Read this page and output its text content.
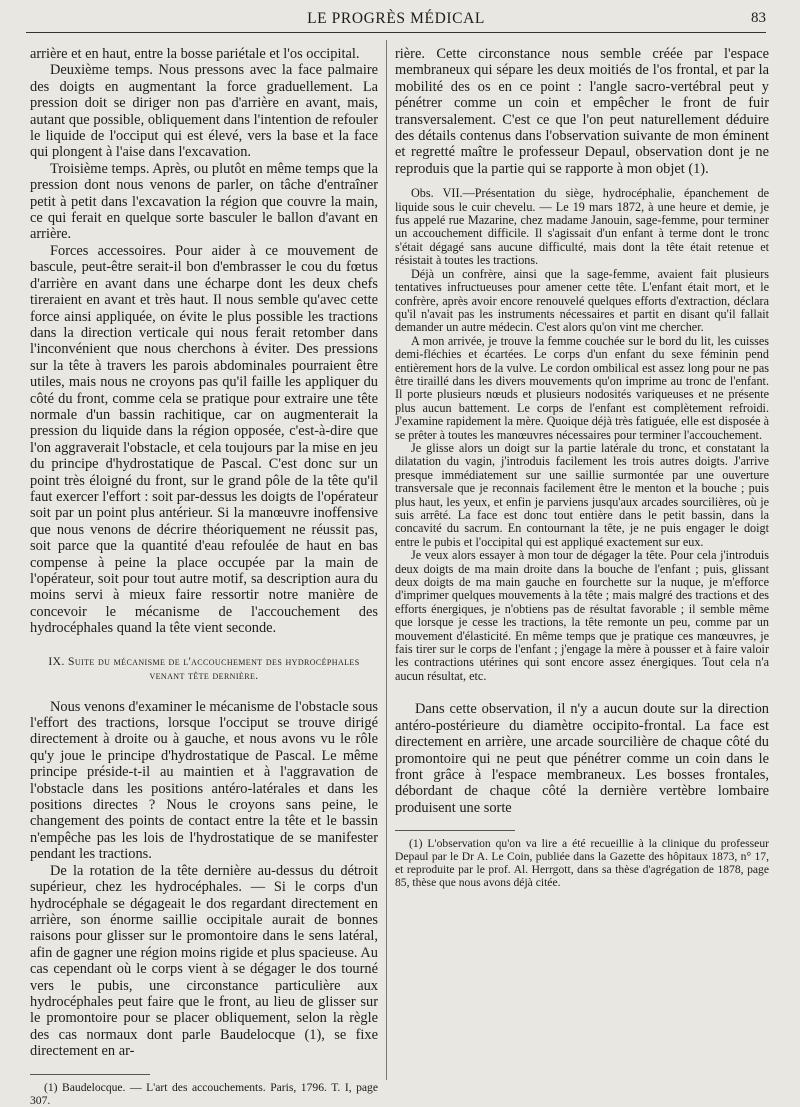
LE PROGRÈS MÉDICAL	83

arrière et en haut, entre la bosse pariétale et l'os occipital.

Deuxième temps. Nous pressons avec la face palmaire des doigts en augmentant la force graduellement. La pression doit se diriger non pas d'arrière en avant, mais, autant que possible, obliquement dans l'intention de refouler le liquide de l'occiput qui est élevé, vers la base et la face qui plongent à l'aise dans l'excavation.

Troisième temps. Après, ou plutôt en même temps que la pression dont nous venons de parler, on tâche d'entraîner petit à petit dans l'excavation la région que couvre la main, ce qui ferait en quelque sorte basculer le ballon d'avant en arrière.

Forces accessoires. Pour aider à ce mouvement de bascule, peut-être serait-il bon d'embrasser le cou du fœtus d'arrière en avant dans une écharpe dont les deux chefs tireraient en avant et très haut. Il nous semble qu'avec cette force ainsi appliquée, on évite le plus possible les tractions dans la direction verticale qui nous ferait retomber dans l'inconvénient que nous cherchons à éviter. Des pressions sur la tête à travers les parois abdominales pourraient être utiles, mais nous ne croyons pas qu'il faille les appliquer du côté du front, comme cela se pratique pour extraire une tête normale d'un bassin rachitique, car on augmenterait la pression du liquide dans la région opposée, c'est-à-dire que l'on aggraverait l'obstacle, et cela toujours par la mise en jeu du principe d'hydrostatique de Pascal. C'est donc sur un point très éloigné du front, sur le grand pôle de la tête qu'il faut exercer l'effort : soit par-dessus les doigts de l'opérateur soit par un point plus antérieur. Si la manœuvre inoffensive que nous venons de décrire théoriquement ne réussit pas, soit parce que la quantité d'eau refoulée de haut en bas compense à peine la place occupée par la main de l'opérateur, soit pour tout autre motif, sa description aura du moins servi à mieux faire ressortir notre manière de concevoir le mécanisme de l'accouchement des hydrocéphales quand la tête vient seconde.

IX. Suite du mécanisme de l'accouchement des hydrocéphales venant tête dernière.

Nous venons d'examiner le mécanisme de l'obstacle sous l'effort des tractions, lorsque l'occiput se trouve dirigé directement à droite ou à gauche, et nous avons vu le rôle qu'y joue le principe d'hydrostatique de Pascal. Le même principe préside-t-il au maintien et à l'aggravation de l'obstacle dans les positions antéro-latérales et dans les positions directes ? Nous le croyons sans peine, le changement des points de contact entre la tête et le bassin n'empêche pas les lois de l'hydrostatique de se manifester pendant les tractions.

De la rotation de la tête dernière au-dessus du détroit supérieur, chez les hydrocéphales. — Si le corps d'un hydrocéphale se dégageait le dos regardant directement en arrière, son énorme saillie occipitale aurait de bonnes raisons pour glisser sur le promontoire dans le sens latéral, afin de gagner une région moins rigide et plus spacieuse. Au cas cependant où le corps vient à se dégager le dos tourné vers le pubis, une circonstance particulière aux hydrocéphales peut faire que le front, au lieu de glisser sur le promontoire pour se placer obliquement, selon la règle des cas normaux dont parle Baudelocque (1), se fixe directement en ar-

(1) Baudelocque. — L'art des accouchements. Paris, 1796. T. I, page 307.

rière. Cette circonstance nous semble créée par l'espace membraneux qui sépare les deux moitiés de l'os frontal, et par la mobilité des os en ce point : l'angle sacro-vertébral peut y pénétrer comme un coin et empêcher le front de fuir transversalement. C'est ce que l'on peut naturellement déduire des détails contenus dans l'observation suivante de mon éminent et regretté maître le professeur Depaul, observation dont je ne reproduis que la partie qui se rapporte à mon objet (1).

Obs. VII.—Présentation du siège, hydrocéphalie, épanchement de liquide sous le cuir chevelu. — Le 19 mars 1872, à une heure et demie, je fus appelé rue Mazarine, chez madame Janouin, sage-femme, pour terminer un accouchement difficile. Il s'agissait d'un enfant à terme dont le tronc s'était dégagé sans aucune difficulté, mais dont la tête était retenue et résistait à toutes les tractions.

Déjà un confrère, ainsi que la sage-femme, avaient fait plusieurs tentatives infructueuses pour amener cette tête. L'enfant était mort, et le confrère, après avoir encore renouvelé quelques efforts d'extraction, déclara qu'il n'avait pas les instruments nécessaires et partit en disant qu'il fallait demander un autre médecin. C'est alors qu'on vint me chercher.

A mon arrivée, je trouve la femme couchée sur le bord du lit, les cuisses demi-fléchies et écartées. Le corps d'un enfant du sexe féminin pend entièrement hors de la vulve. Le cordon ombilical est assez long pour ne pas être tiraillé dans les divers mouvements qu'on imprime au tronc de l'enfant. Il porte plusieurs nœuds et plusieurs nodosités variqueuses et ne présente plus aucun battement. Le corps de l'enfant est complètement refroidi. J'examine rapidement la mère. Quoique déjà très fatiguée, elle est disposée à se prêter à toutes les manœuvres nécessaires pour terminer l'accouchement.

Je glisse alors un doigt sur la partie latérale du tronc, et constatant la dilatation du vagin, j'introduis facilement les trois autres doigts. J'arrive presque immédiatement sur une saillie surmontée par une ouverture transversale que je reconnais facilement être le menton et la bouche ; puis plus haut, les yeux, et enfin je parviens jusqu'aux arcades sourcilières, où je suis arrêté. La face est donc tout entière dans le petit bassin, dans la concavité du sacrum. En contournant la tête, je ne puis engager le doigt entre le pubis et l'occipital qui est appliqué exactement sur eux.

Je veux alors essayer à mon tour de dégager la tête. Pour cela j'introduis deux doigts de ma main droite dans la bouche de l'enfant ; puis, glissant deux doigts de ma main gauche en fourchette sur la nuque, je m'efforce d'imprimer quelques mouvements à la tête ; mais malgré des tractions et des efforts énergiques, je n'obtiens pas de résultat favorable ; il semble même que lorsque je cesse les tractions, la tête remonte un peu, comme par un mouvement d'élasticité. En même temps que je pratique ces manœuvres, je fais tirer sur le corps de l'enfant ; j'engage la mère à pousser et à faire valoir les contractions utérines qui sont encore assez énergiques. Tout cela n'a aucun résultat, etc.

Dans cette observation, il n'y a aucun doute sur la direction antéro-postérieure du diamètre occipito-frontal. La face est directement en arrière, une arcade sourcilière de chaque côté du promontoire qui ne peut que pénétrer comme un coin dans le front grâce à l'espace membraneux. Les bosses frontales, débordant de chaque côté la dernière vertèbre lombaire produisent une sorte

(1) L'observation qu'on va lire a été recueillie à la clinique du professeur Depaul par le Dr A. Le Coin, publiée dans la Gazette des hôpitaux 1873, n° 17, et reproduite par le prof. Al. Herrgott, dans sa thèse d'agrégation de 1878, page 85, thèse que nous avons déjà citée.
